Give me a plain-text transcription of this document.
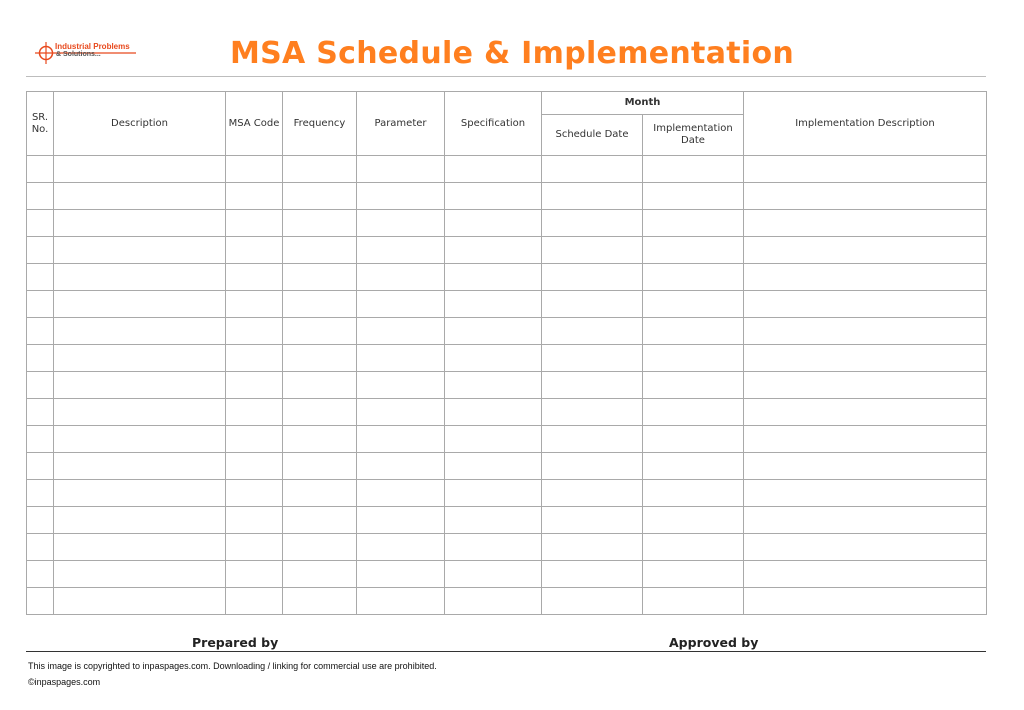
Industrial Problems
& Solutions...	MSA Schedule & Implementation
SR. No.	Description	MSA Code	Frequency	Parameter	Specification	Month		Implementation Description
						Schedule Date	Implementation Date	

Prepared by	Approved by
This image is copyrighted to inpaspages.com. Downloading / linking for commercial use are prohibited.
©inpaspages.com
